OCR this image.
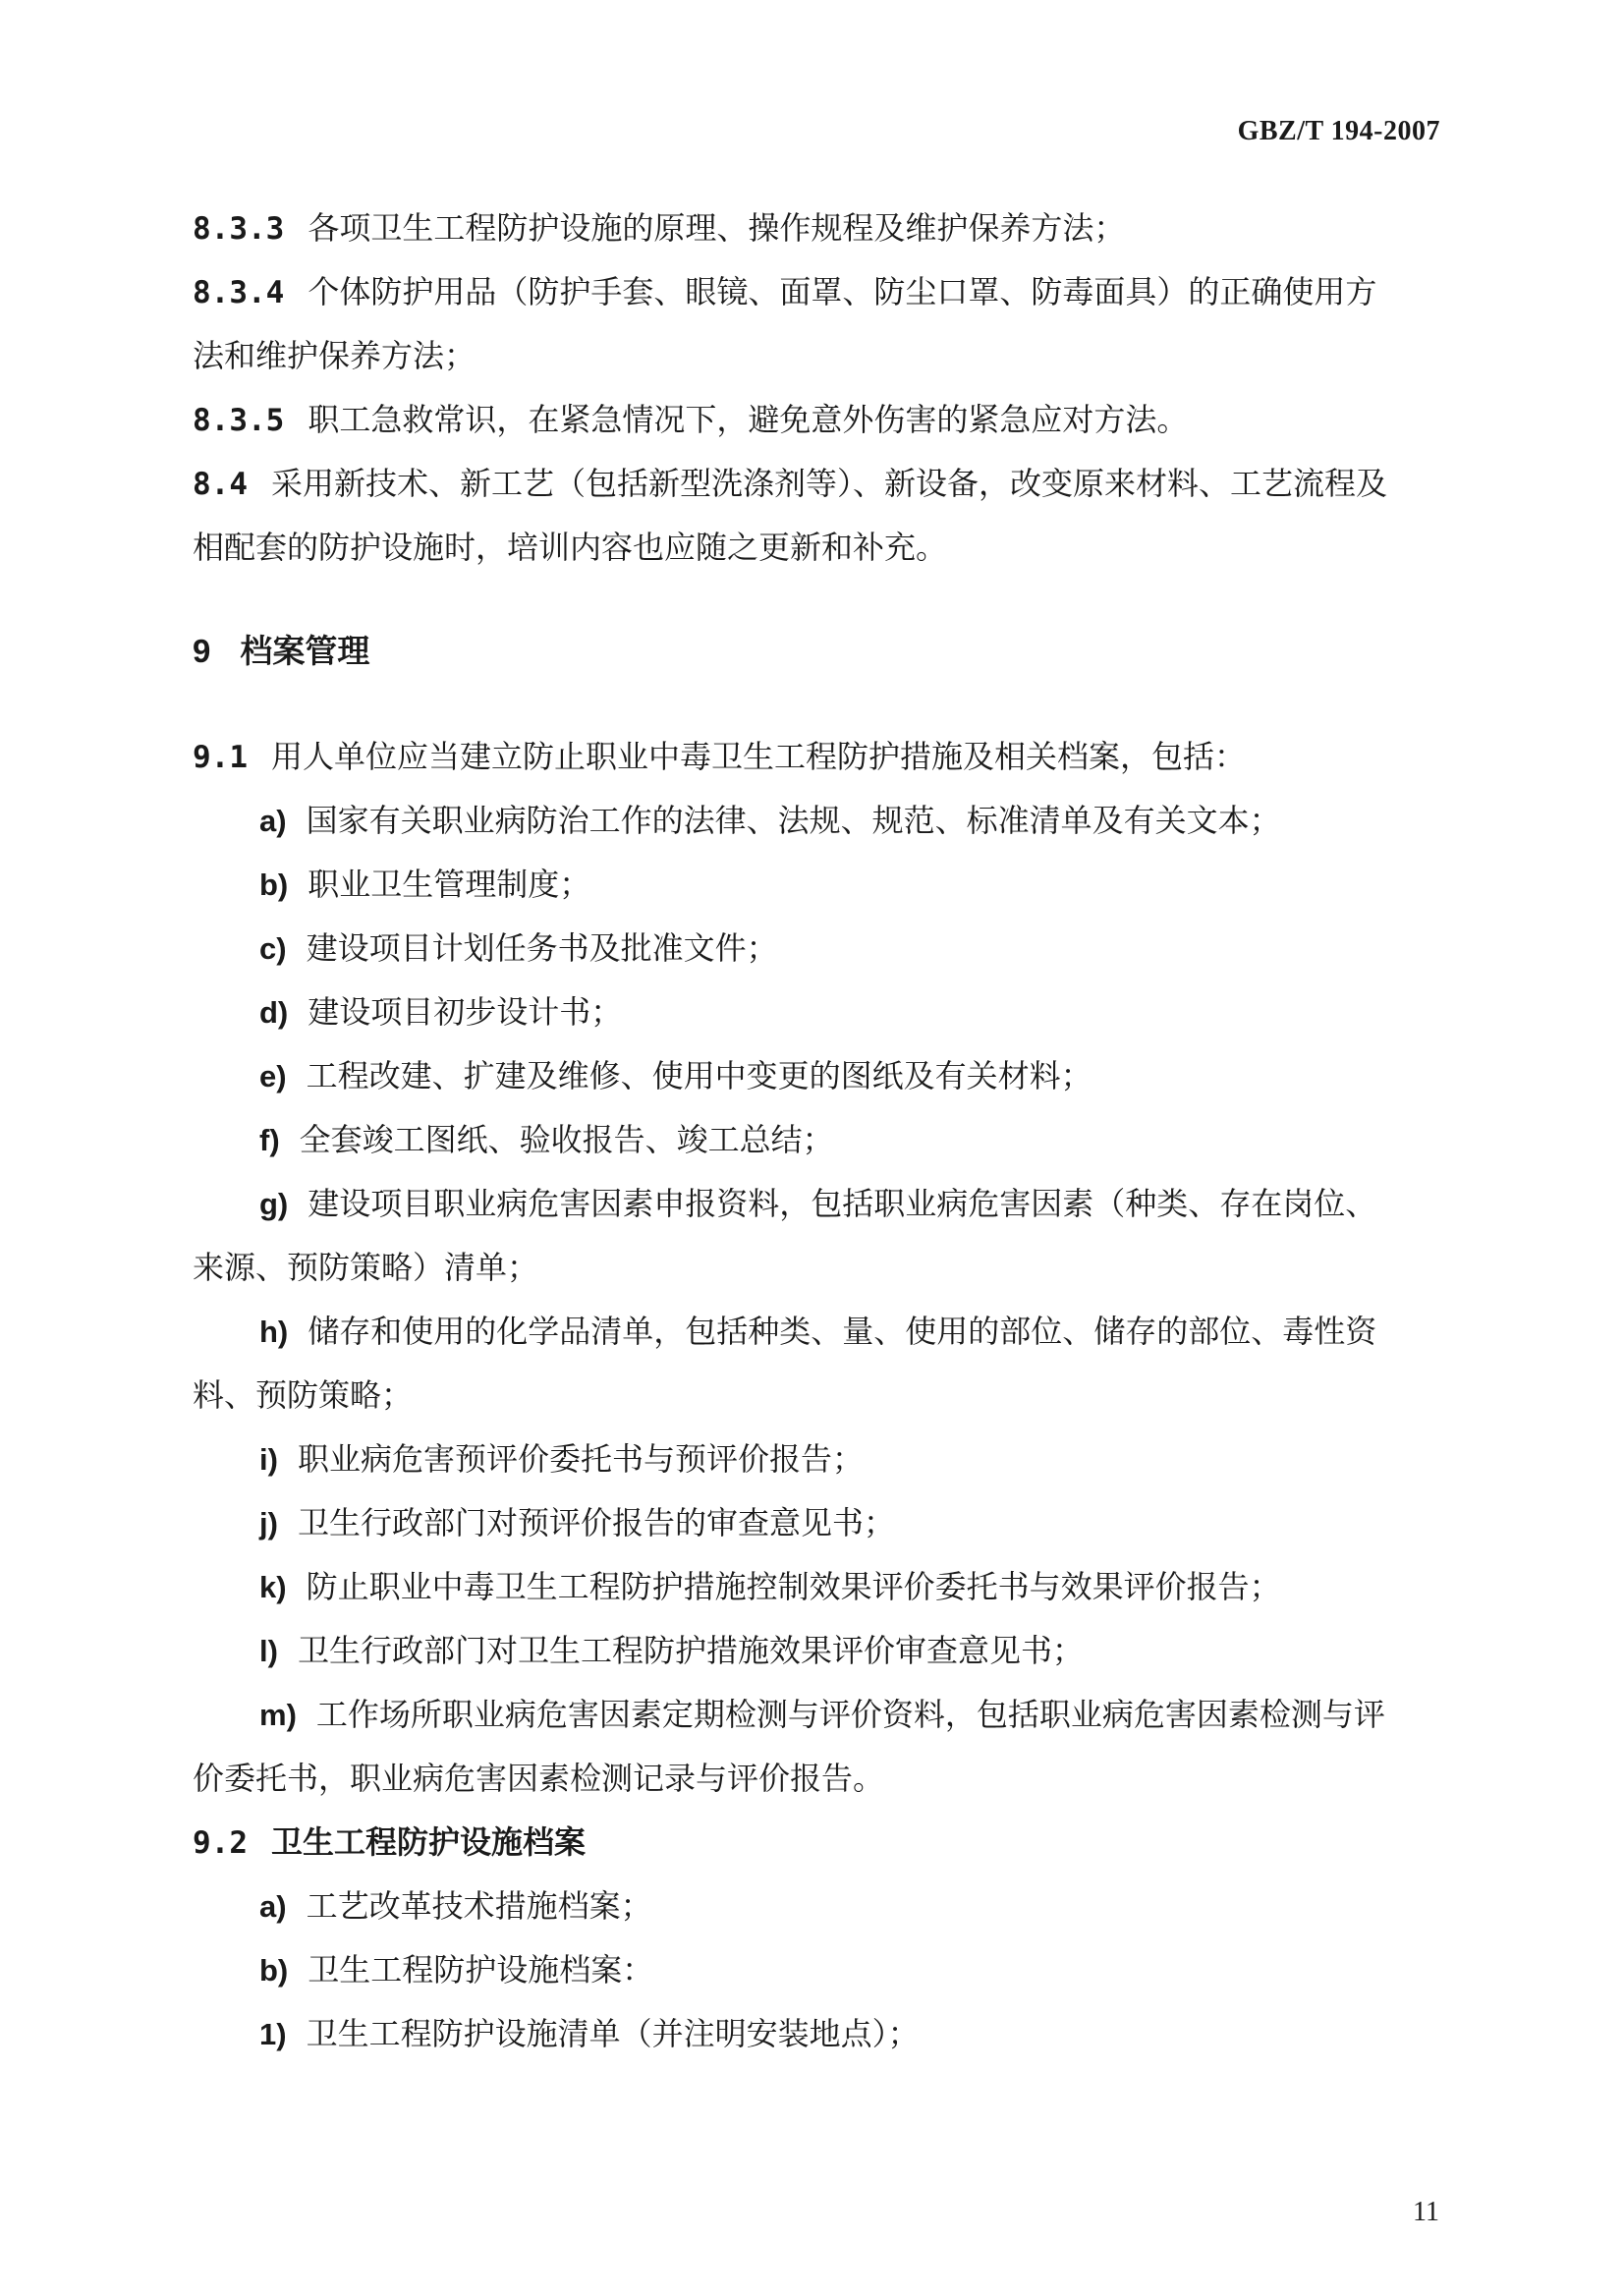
GBZ/T 194-2007
8.3.3 各项卫生工程防护设施的原理、操作规程及维护保养方法；
8.3.4 个体防护用品（防护手套、眼镜、面罩、防尘口罩、防毒面具）的正确使用方
法和维护保养方法；
8.3.5 职工急救常识，在紧急情况下，避免意外伤害的紧急应对方法。
8.4 采用新技术、新工艺（包括新型洗涤剂等）、新设备，改变原来材料、工艺流程及
相配套的防护设施时，培训内容也应随之更新和补充。
9 档案管理
9.1 用人单位应当建立防止职业中毒卫生工程防护措施及相关档案，包括：
a) 国家有关职业病防治工作的法律、法规、规范、标准清单及有关文本；
b) 职业卫生管理制度；
c) 建设项目计划任务书及批准文件；
d) 建设项目初步设计书；
e) 工程改建、扩建及维修、使用中变更的图纸及有关材料；
f) 全套竣工图纸、验收报告、竣工总结；
g) 建设项目职业病危害因素申报资料，包括职业病危害因素（种类、存在岗位、
来源、预防策略）清单；
h) 储存和使用的化学品清单，包括种类、量、使用的部位、储存的部位、毒性资
料、预防策略；
i) 职业病危害预评价委托书与预评价报告；
j) 卫生行政部门对预评价报告的审查意见书；
k) 防止职业中毒卫生工程防护措施控制效果评价委托书与效果评价报告；
l) 卫生行政部门对卫生工程防护措施效果评价审查意见书；
m) 工作场所职业病危害因素定期检测与评价资料，包括职业病危害因素检测与评
价委托书，职业病危害因素检测记录与评价报告。
9.2 卫生工程防护设施档案
a) 工艺改革技术措施档案；
b) 卫生工程防护设施档案：
1) 卫生工程防护设施清单（并注明安装地点）；
11
